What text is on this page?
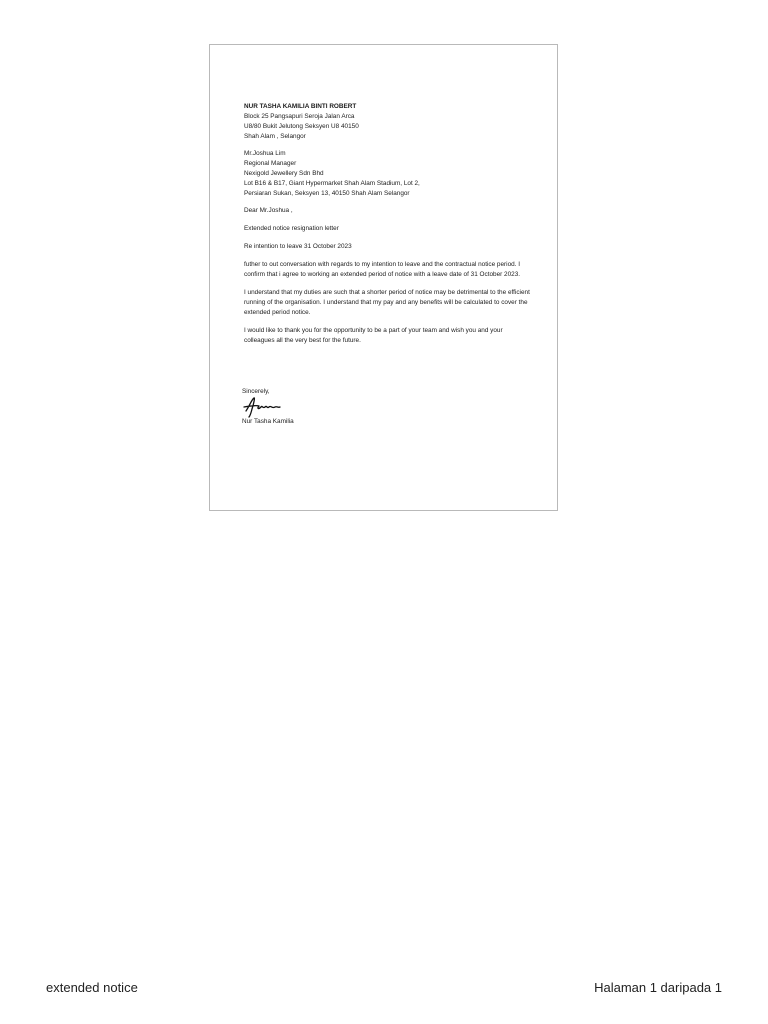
NUR TASHA KAMILIA BINTI ROBERT
Block 25 Pangsapuri Seroja Jalan Arca
U8/80 Bukit Jelutong Seksyen U8 40150
Shah Alam , Selangor
Mr.Joshua Lim
Regional Manager
Nexigold Jewellery Sdn Bhd
Lot B16 & B17, Giant Hypermarket Shah Alam Stadium, Lot 2,
Persiaran Sukan, Seksyen 13, 40150 Shah Alam Selangor
Dear Mr.Joshua ,
Extended notice resignation letter
Re intention to leave 31 October 2023
futher to out conversation with regards to my intention to leave and the contractual notice period. I confirm that i agree to working an extended period of notice with a leave date of 31 October 2023.
I understand that my duties are such that a shorter period of notice may be detrimental to the efficient running of the organisation. I understand that my pay and any benefits will be calculated to cover the extended period notice.
I would like to thank you for the opportunity to be a part of your team and wish you and your colleagues all the very best for the future.
Sincerely,
Nur Tasha Kamilia
extended notice	Halaman 1 daripada 1
